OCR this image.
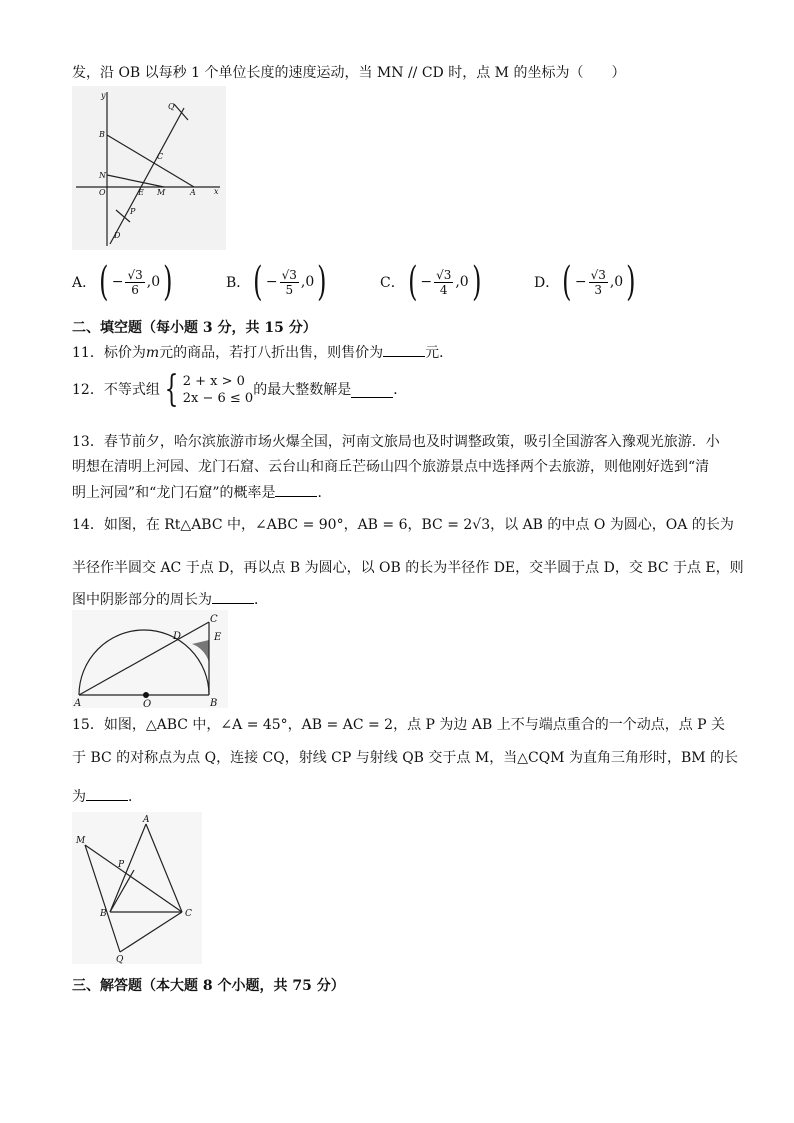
发，沿 OB 以每秒 1 个单位长度的速度运动，当 MN // CD 时，点 M 的坐标为（　　）
y
Q
B
C
N
O	E M	A x
P
D
A． ( − $\frac{√3}{6} ,0$ )	B． ( − $\frac{√3}{5} ,0$ )	C． ( − $\frac{√3}{4} ,0$ )	D． ( − $\frac{√3}{3} ,0$ )
二、填空题（每小题 3 分，共 15 分）
11．标价为m元的商品，若打八折出售，则售价为	元．
12．不等式组 { 2 + x > 0
2x − 6 ≤ 0
的最大整数解是	．
13．春节前夕，哈尔滨旅游市场火爆全国，河南文旅局也及时调整政策，吸引全国游客入豫观光旅游．小
明想在清明上河园、龙门石窟、云台山和商丘芒砀山四个旅游景点中选择两个去旅游，则他刚好选到“清
明上河园”和“龙门石窟”的概率是	．
14．如图，在 Rt△ABC 中，∠ABC = 90°，AB = 6，BC = 2√3，以 AB 的中点 O 为圆心，OA 的长为
半径作半圆交 AC 于点 D，再以点 B 为圆心，以 OB 的长为半径作 DE，交半圆于点 D，交 BC 于点 E，则
图中阴影部分的周长为	．
C
D	E
A	O	B
15．如图，△ABC 中，∠A = 45°，AB = AC = 2，点 P 为边 AB 上不与端点重合的一个动点，点 P 关
于 BC 的对称点为点 Q，连接 CQ，射线 CP 与射线 QB 交于点 M，当△CQM 为直角三角形时，BM 的长
为	．
A
M
P
B	C
Q
三、解答题（本大题 8 个小题，共 75 分）
